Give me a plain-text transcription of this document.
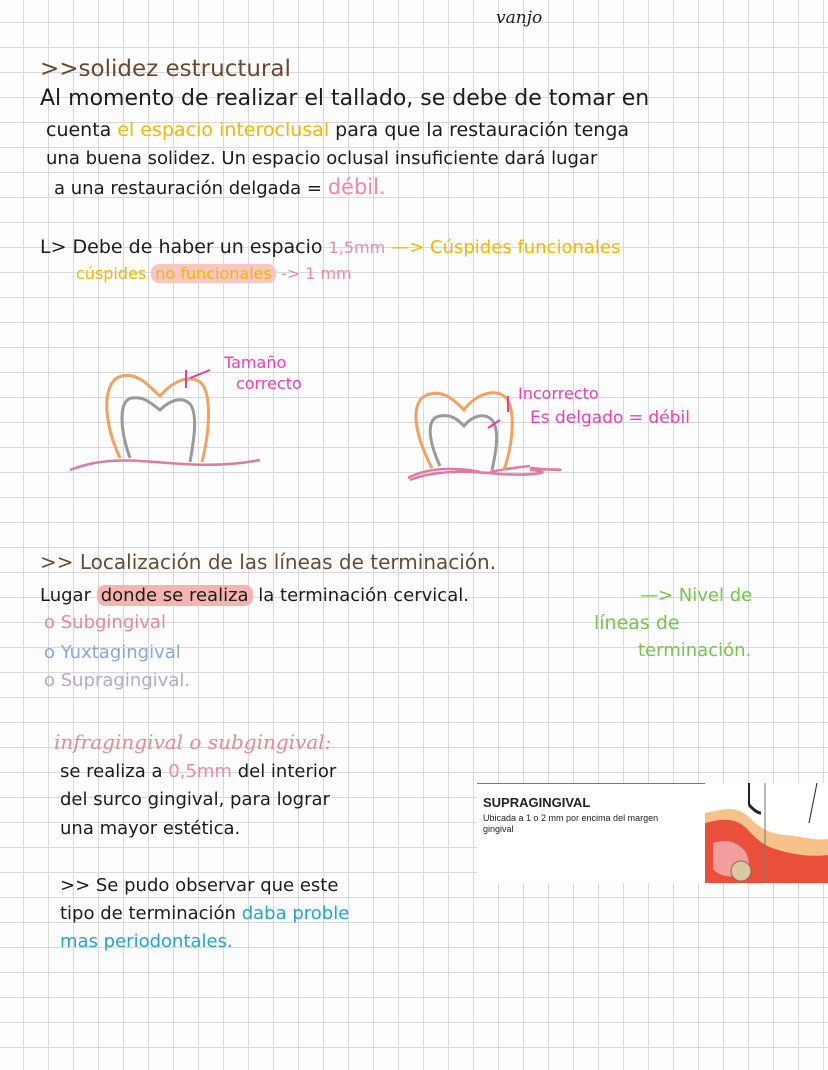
vanjo
>>solidez estructural
Al momento de realizar el tallado, se debe de tomar en
cuenta el espacio interoclusal para que la restauración tenga
una buena solidez. Un espacio oclusal insuficiente dará lugar
a una restauración delgada = débil.
L> Debe de haber un espacio 1,5mm —> Cúspides funcionales
cúspides no funcionales -> 1 mm
Tamaño
correcto
Incorrecto
Es delgado = débil
>> Localización de las líneas de terminación.
Lugar donde se realiza la terminación cervical.	—> Nivel de
líneas de
terminación.
o Subgingival
o Yuxtagingival
o Supragingival.
infragingival o subgingival:
se realiza a 0,5mm del interior
del surco gingival, para lograr
una mayor estética.
>> Se pudo observar que este
tipo de terminación daba proble
mas periodontales.
SUPRAGINGIVAL
Ubicada a 1 o 2 mm por encima del margen gingival
